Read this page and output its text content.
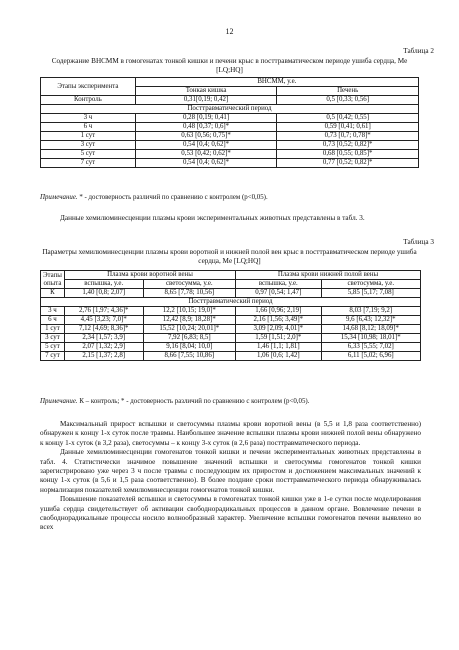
12
Таблица 2
Содержание ВНСММ в гомогенатах тонкой кишки и печени крыс в посттравматическом периоде ушиба сердца, Me [LQ;HQ]
Этапы эксперимента	ВНСММ, у.е.	
	Тонкая кишка	Печень
Контроль	0,31[0,19; 0,42]	0,5 [0,33; 0,56]
Посттравматический период		
3 ч	0,28 [0,19; 0,41]	0,5 [0,42; 0,55]
6 ч	0,48 [0,37; 0,6]*	0,59 [0,41; 0,61]
1 сут	0,63 [0,56; 0,75]*	0,73 [0,7; 0,78]*
3 сут	0,54 [0,4; 0,62]*	0,73 [0,52; 0,82]*
5 сут	0,53 [0,42; 0,62]*	0,68 [0,55; 0,85]*
7 сут	0,54 [0,4; 0,62]*	0,77 [0,52; 0,82]*
Примечание. * - достоверность различий по сравнению с контролем (p<0,05).

Данные хемилюминесценции плазмы крови экспериментальных животных представлены в табл. 3.

Таблица 3
Параметры хемилюминесценции плазмы крови воротной и нижней полой вен крыс в посттравматическом периоде ушиба сердца, Me [LQ;HQ]
Этапы опыта	Плазма крови воротной вены		Плазма крови нижней полой вены	
	вспышка, у.е.	светосумма, у.е.	вспышка, у.е.	светосумма, у.е.
К	1,40 [0,8; 2,07]	8,65 [7,78; 10,56]	0,97 [0,54; 1,47]	5,85 [5,17; 7,08]
Посттравматический период				
3 ч	2,76 [1,97; 4,36]*	12,2 [10,15; 19,0]*	1,66 [0,96; 2,19]	8,03 [7,19; 9,2]
6 ч	4,45 [3,23; 7,0]*	12,42 [8,9; 18,28]*	2,16 [1,56; 3,49]*	9,6 [6,43; 12,32]*
1 сут	7,12 [4,69; 8,36]*	15,52 [10,24; 20,01]*	3,09 [2,09; 4,01]*	14,68 [8,12; 18,09]*
3 сут	2,34 [1,57; 3,9]	7,92 [6,83; 8,5]	1,59 [1,51; 2,0]*	15,34 [10,98; 18,01]*
5 сут	2,07 [1,32; 2,9]	9,16 [8,04; 10,0]	1,46 [1,1; 1,81]	6,33 [5,55; 7,02]
7 сут	2,15 [1,37; 2,8]	8,66 [7,55; 10,86]	1,06 [0,6; 1,42]	6,11 [5,02; 6,96]
Примечание. К – контроль; * - достоверность различий по сравнению с контролем (p<0,05).

Максимальный прирост вспышки и светосуммы плазмы крови воротной вены (в 5,5 и 1,8 раза соответственно) обнаружен к концу 1-х суток после травмы. Наибольшее значение вспышки плазмы крови нижней полой вены обнаружено к концу 1-х суток (в 3,2 раза), светосуммы – к концу 3-х суток (в 2,6 раза) посттравматического периода.

Данные хемилюминесценции гомогенатов тонкой кишки и печени экспериментальных животных представлены в табл. 4. Статистически значимое повышение значений вспышки и светосуммы гомогенатов тонкой кишки зарегистрировано уже через 3 ч после травмы с последующим их приростом и достижением максимальных значений к концу 1-х суток (в 5,6 и 1,5 раза соответственно). В более поздние сроки посттравматического периода обнаруживалась нормализация показателей хемилюминесценции гомогенатов тонкой кишки.

Повышение показателей вспышки и светосуммы в гомогенатах тонкой кишки уже в 1-е сутки после моделирования ушиба сердца свидетельствует об активации свободнорадикальных процессов в данном органе. Вовлечение печени в свободнорадикальные процессы носило волнообразный характер. Увеличение вспышки гомогенатов печени выявлено во всех
